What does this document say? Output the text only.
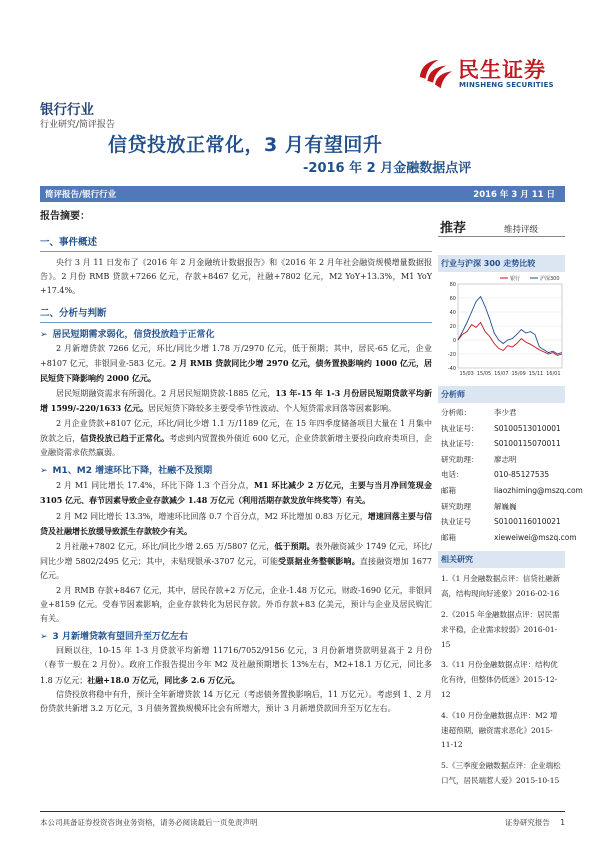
民生证券
MINSHENG SECURITIES
银行行业
行业研究/简评报告
信贷投放正常化，3 月有望回升
-2016 年 2 月金融数据点评
简评报告/银行行业	2016 年 3 月 11 日
报告摘要：
一、事件概述
央行 3 月 11 日发布了《2016 年 2 月金融统计数据报告》和《2016 年 2 月年社会融资规模增量数据报告》。2 月份 RMB 贷款+7266 亿元，存款+8467 亿元，社融+7802 亿元，M2 YoY+13.3%，M1 YoY +17.4%。
二、分析与判断
➢ 居民短期需求弱化，信贷投放趋于正常化
2 月新增贷款 7266 亿元，环比/同比少增 1.78 万/2970 亿元，低于预期；其中，居民-65 亿元，企业+8107 亿元，非银同业-583 亿元。2 月 RMB 贷款同比少增 2970 亿元，债务置换影响约 1000 亿元，居民短贷下降影响约 2000 亿元。
居民短期融资需求有所弱化。2 月居民短期贷款-1885 亿元，13 年-15 年 1-3 月份居民短期贷款平均新增 1599/-220/1633 亿元。居民短贷下降较多主要受季节性波动、个人短贷需求回落等因素影响。
2 月企业贷款+8107 亿元，环比/同比少增 1.1 万/1189 亿元，在 15 年四季度储备项目大量在 1 月集中放款之后，信贷投放已趋于正常化。考虑到内贸置换外债近 600 亿元，企业贷款新增主要投向政府类项目，企业融资需求依然羸弱。
➢ M1、M2 增速环比下降，社融不及预期
2 月 M1 同比增长 17.4%，环比下降 1.3 个百分点，M1 环比减少 2 万亿元，主要与当月净回笼现金 3105 亿元、春节因素导致企业存款减少 1.48 万亿元（利用活期存款发放年终奖等）有关。
2 月 M2 同比增长 13.3%，增速环比回落 0.7 个百分点，M2 环比增加 0.83 万亿元，增速回落主要与信贷及社融增长放缓导致派生存款较少有关。
2 月社融+7802 亿元，环比/同比少增 2.65 万/5807 亿元，低于预期。表外融资减少 1749 亿元，环比/同比少增 5802/2495 亿元；其中，未贴现银承-3707 亿元，可能受票据业务整顿影响。直接融资增加 1677 亿元。
2 月 RMB 存款+8467 亿元，其中，居民存款+2 万亿元，企业-1.48 万亿元，财政-1690 亿元，非银同业+8159 亿元。受春节因素影响，企业存款转化为居民存款。外币存款+83 亿美元，预计与企业及居民购汇有关。
➢ 3 月新增贷款有望回升至万亿左右
回顾以往，10-15 年 1-3 月贷款平均新增 11716/7052/9156 亿元，3 月份新增贷款明显高于 2 月份（春节一般在 2 月份）。政府工作报告提出今年 M2 及社融预期增长 13%左右，M2+18.1 万亿元，同比多 1.8 万亿元；社融+18.0 万亿元，同比多 2.6 万亿元。
信贷投放将稳中有升，预计全年新增贷款 14 万亿元（考虑债务置换影响后，11 万亿元）。考虑到 1、2 月份贷款共新增 3.2 万亿元，3 月债务置换规模环比会有所增大，预计 3 月新增贷款回升至万亿左右。
推荐	维持评级
行业与沪深 300 走势比较
80
60
40
20
0
-20
-40
15/03 15/05 15/07 15/09 15/11 16/01
银行	沪深300
分析师
分析师：	李少君
执业证号： S0100513010001
执业证号： S0100115070011
研究助理： 廖志明
电话：	010-85127535
邮箱	liaozhiming@mszq.com
研究助理	解巍巍
执业证号	S0100116010021
邮箱	xieweiwei@mszq.com
相关研究
1.《1 月金融数据点评：信贷社融新高，结构现向好迹象》2016-02-16
2.《2015 年金融数据点评：居民需求平稳，企业需求较弱》2016-01-15
3.《11 月份金融数据点评：结构优化有待，但整体仍低迷》2015-12-12
4.《10 月份金融数据点评：M2 增速超预期，融资需求恶化》2015-11-12
5.《三季度金融数据点评：企业端松口气，居民端惹人爱》2015-10-15
本公司具备证券投资咨询业务资格，请务必阅读最后一页免责声明	证券研究报告 1
